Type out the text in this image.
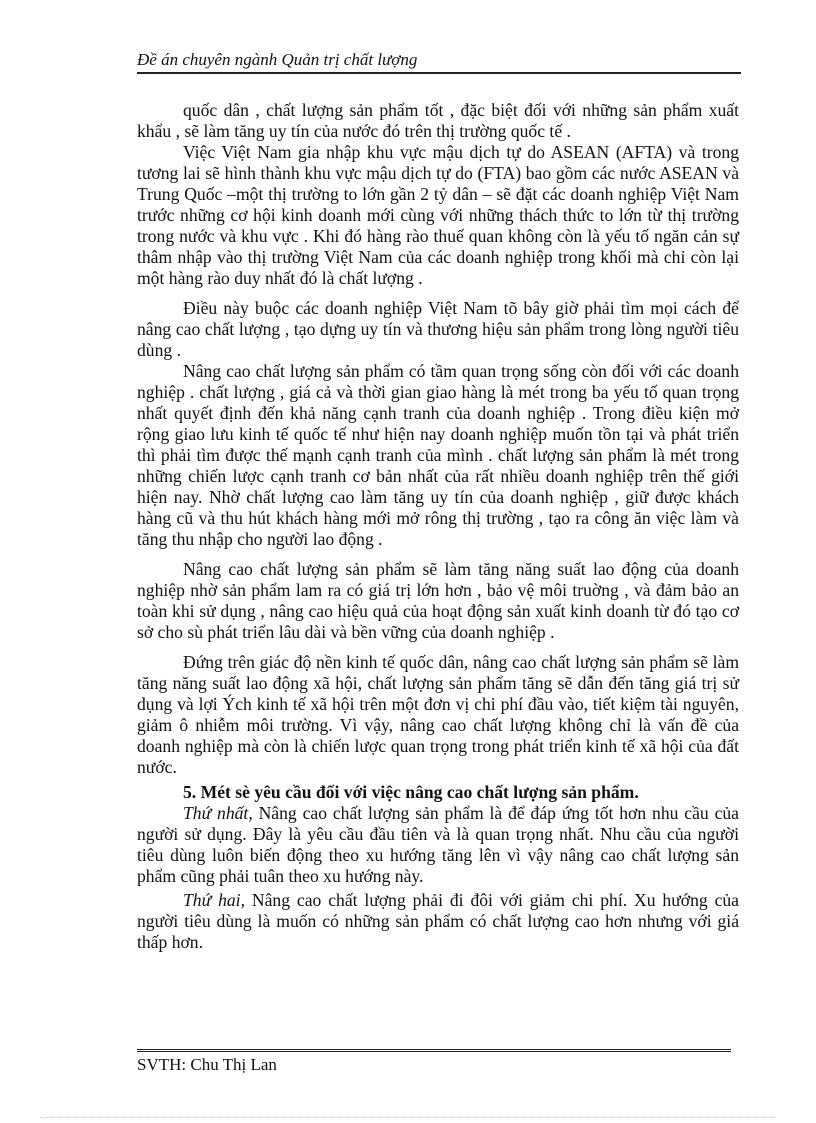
Đề án chuyên ngành Quản trị chất lượng

quốc dân , chất lượng sản phẩm tốt , đặc biệt đối với những sản phẩm xuất khẩu , sẽ làm tăng uy tín của nước đó trên thị trường quốc tế .

Việc Việt Nam gia nhập khu vực mậu dịch tự do ASEAN (AFTA) và trong tương lai sẽ hình thành khu vực mậu dịch tự do (FTA) bao gồm các nước ASEAN và Trung Quốc –một thị trường to lớn gần 2 tỷ dân – sẽ đặt các doanh nghiệp Việt Nam trước những cơ hội kinh doanh mới cùng với những thách thức to lớn từ thị trường trong nước và khu vực . Khi đó hàng rào thuế quan không còn là yếu tố ngăn cản sự thâm nhập vào thị trường Việt Nam của các doanh nghiệp trong khối mà chỉ còn lại một hàng rào duy nhất đó là chất lượng .

Điều này buộc các doanh nghiệp Việt Nam tõ bây giờ phải tìm mọi cách để nâng cao chất lượng , tạo dựng uy tín và thương hiệu sản phẩm trong lòng người tiêu dùng .

Nâng cao chất lượng sản phẩm có tầm quan trọng sống còn đối với các doanh nghiệp . chất lượng , giá cả và thời gian giao hàng là mét trong ba yếu tố quan trọng nhất quyết định đến khả năng cạnh tranh của doanh nghiệp . Trong điều kiện mở rộng giao lưu kinh tế quốc tế như hiện nay doanh nghiệp muốn tồn tại và phát triển thì phải tìm được thế mạnh cạnh tranh của mình . chất lượng sản phẩm là mét trong những chiến lược cạnh tranh cơ bản nhất của rất nhiều doanh nghiệp trên thế giới hiện nay. Nhờ chất lượng cao làm tăng uy tín của doanh nghiệp , giữ được khách hàng cũ và thu hút khách hàng mới mở rông thị trường , tạo ra công ăn việc làm và tăng thu nhập cho người lao động .

Nâng cao chất lượng sản phẩm sẽ làm tăng năng suất lao động của doanh nghiệp nhờ sản phẩm lam ra có giá trị lớn hơn , bảo vệ môi truờng , và đảm bảo an toàn khi sử dụng , nâng cao hiệu quả của hoạt động sản xuất kinh doanh từ đó tạo cơ sở cho sù phát triển lâu dài và bền vững của doanh nghiệp .

Đứng trên giác độ nền kinh tế quốc dân, nâng cao chất lượng sản phẩm sẽ làm tăng năng suất lao động xã hội, chất lượng sản phẩm tăng sẽ dẫn đến tăng giá trị sử dụng và lợi Ých kinh tế xã hội trên một đơn vị chi phí đầu vào, tiết kiệm tài nguyên, giảm ô nhiễm môi trường. Vì vậy, nâng cao chất lượng không chỉ là vấn đề của doanh nghiệp mà còn là chiến lược quan trọng trong phát triển kinh tế xã hội của đất nước.

5. Mét sè yêu cầu đối với việc nâng cao chất lượng sản phẩm.

Thứ nhất, Nâng cao chất lượng sản phẩm là để đáp ứng tốt hơn nhu cầu của người sử dụng. Đây là yêu cầu đầu tiên và là quan trọng nhất. Nhu cầu của người tiêu dùng luôn biến động theo xu hướng tăng lên vì vậy nâng cao chất lượng sản phẩm cũng phải tuân theo xu hướng này.

Thứ hai, Nâng cao chất lượng phải đi đôi với giảm chi phí. Xu hướng của người tiêu dùng là muốn có những sản phẩm có chất lượng cao hơn nhưng với giá thấp hơn.

SVTH: Chu Thị Lan
